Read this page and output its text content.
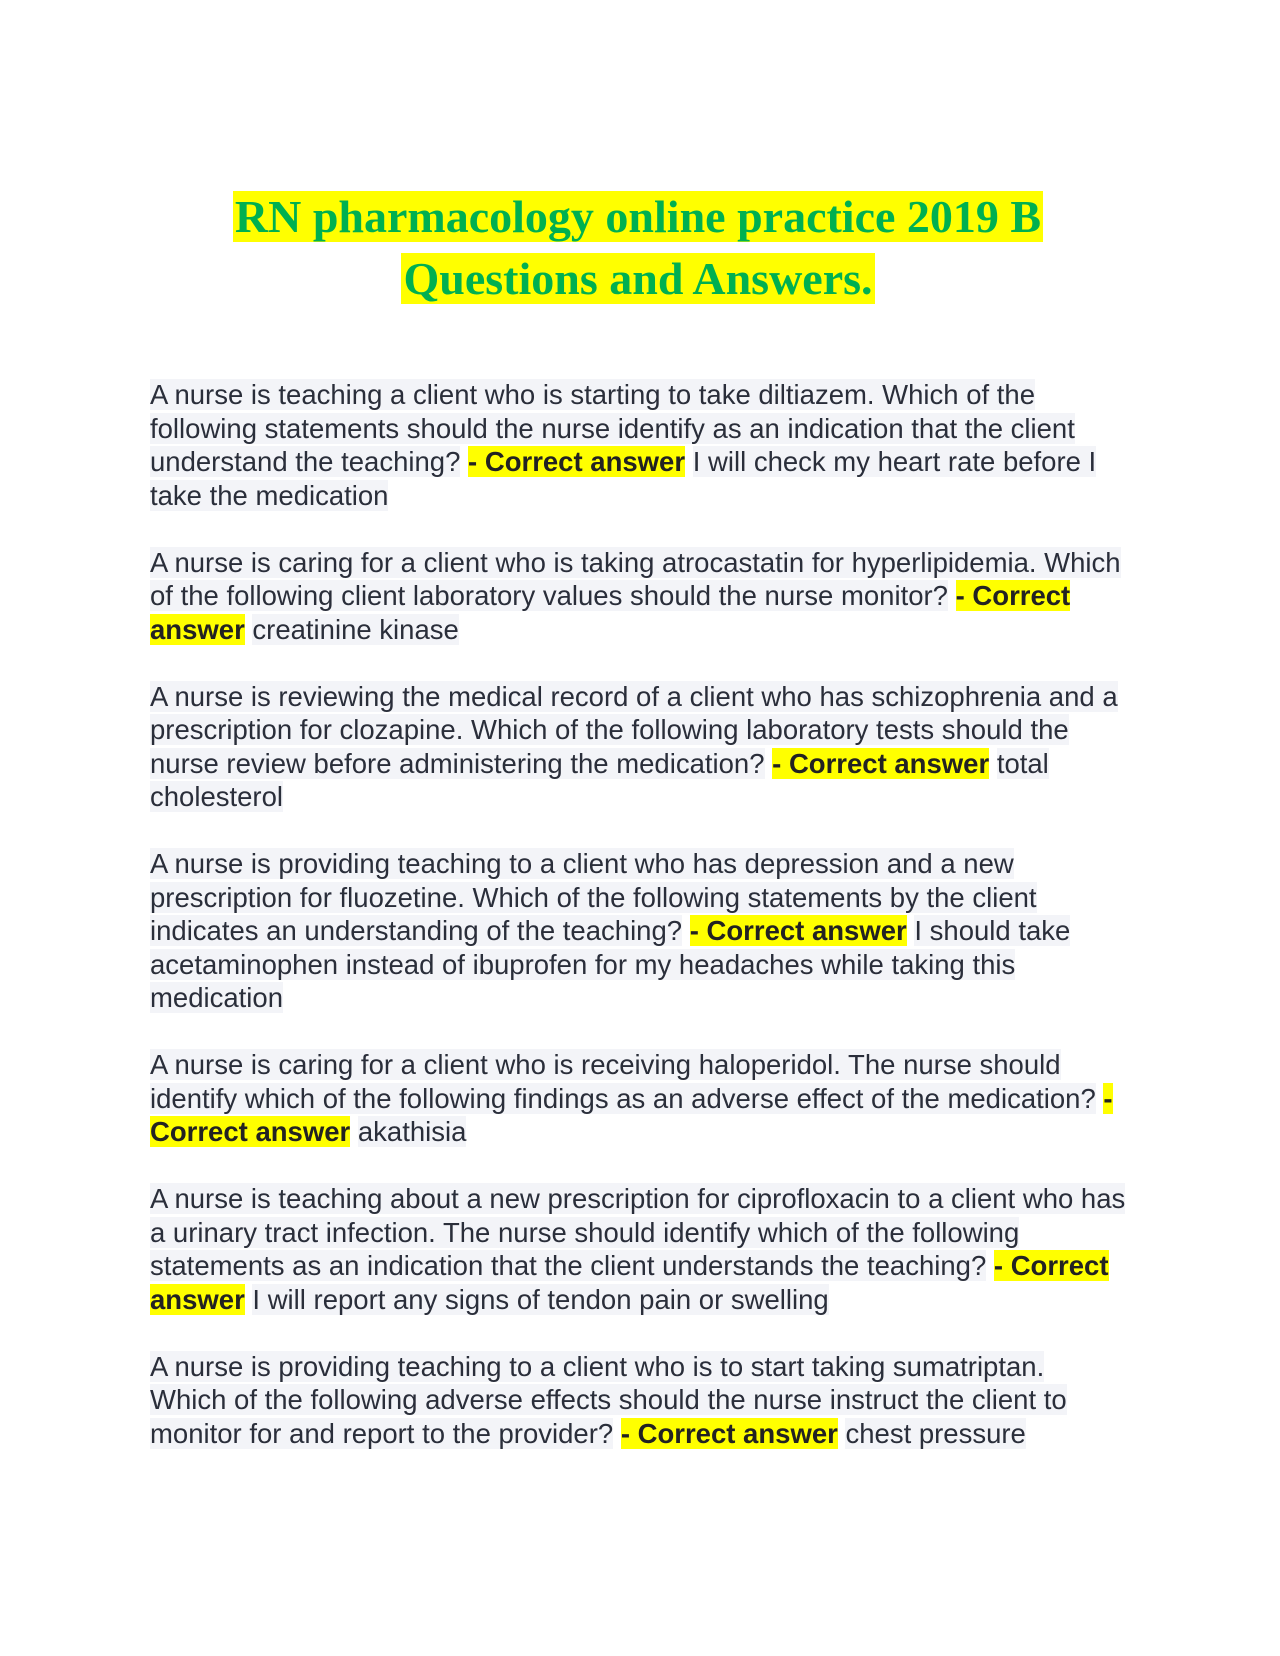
RN pharmacology online practice 2019 B
Questions and Answers.

A nurse is teaching a client who is starting to take diltiazem. Which of the following statements should the nurse identify as an indication that the client understand the teaching? - Correct answer I will check my heart rate before I take the medication

A nurse is caring for a client who is taking atrocastatin for hyperlipidemia. Which of the following client laboratory values should the nurse monitor? - Correct answer creatinine kinase

A nurse is reviewing the medical record of a client who has schizophrenia and a prescription for clozapine. Which of the following laboratory tests should the nurse review before administering the medication? - Correct answer total cholesterol

A nurse is providing teaching to a client who has depression and a new prescription for fluozetine. Which of the following statements by the client indicates an understanding of the teaching? - Correct answer I should take acetaminophen instead of ibuprofen for my headaches while taking this medication

A nurse is caring for a client who is receiving haloperidol. The nurse should identify which of the following findings as an adverse effect of the medication? - Correct answer akathisia

A nurse is teaching about a new prescription for ciprofloxacin to a client who has a urinary tract infection. The nurse should identify which of the following statements as an indication that the client understands the teaching? - Correct answer I will report any signs of tendon pain or swelling

A nurse is providing teaching to a client who is to start taking sumatriptan. Which of the following adverse effects should the nurse instruct the client to monitor for and report to the provider? - Correct answer chest pressure
